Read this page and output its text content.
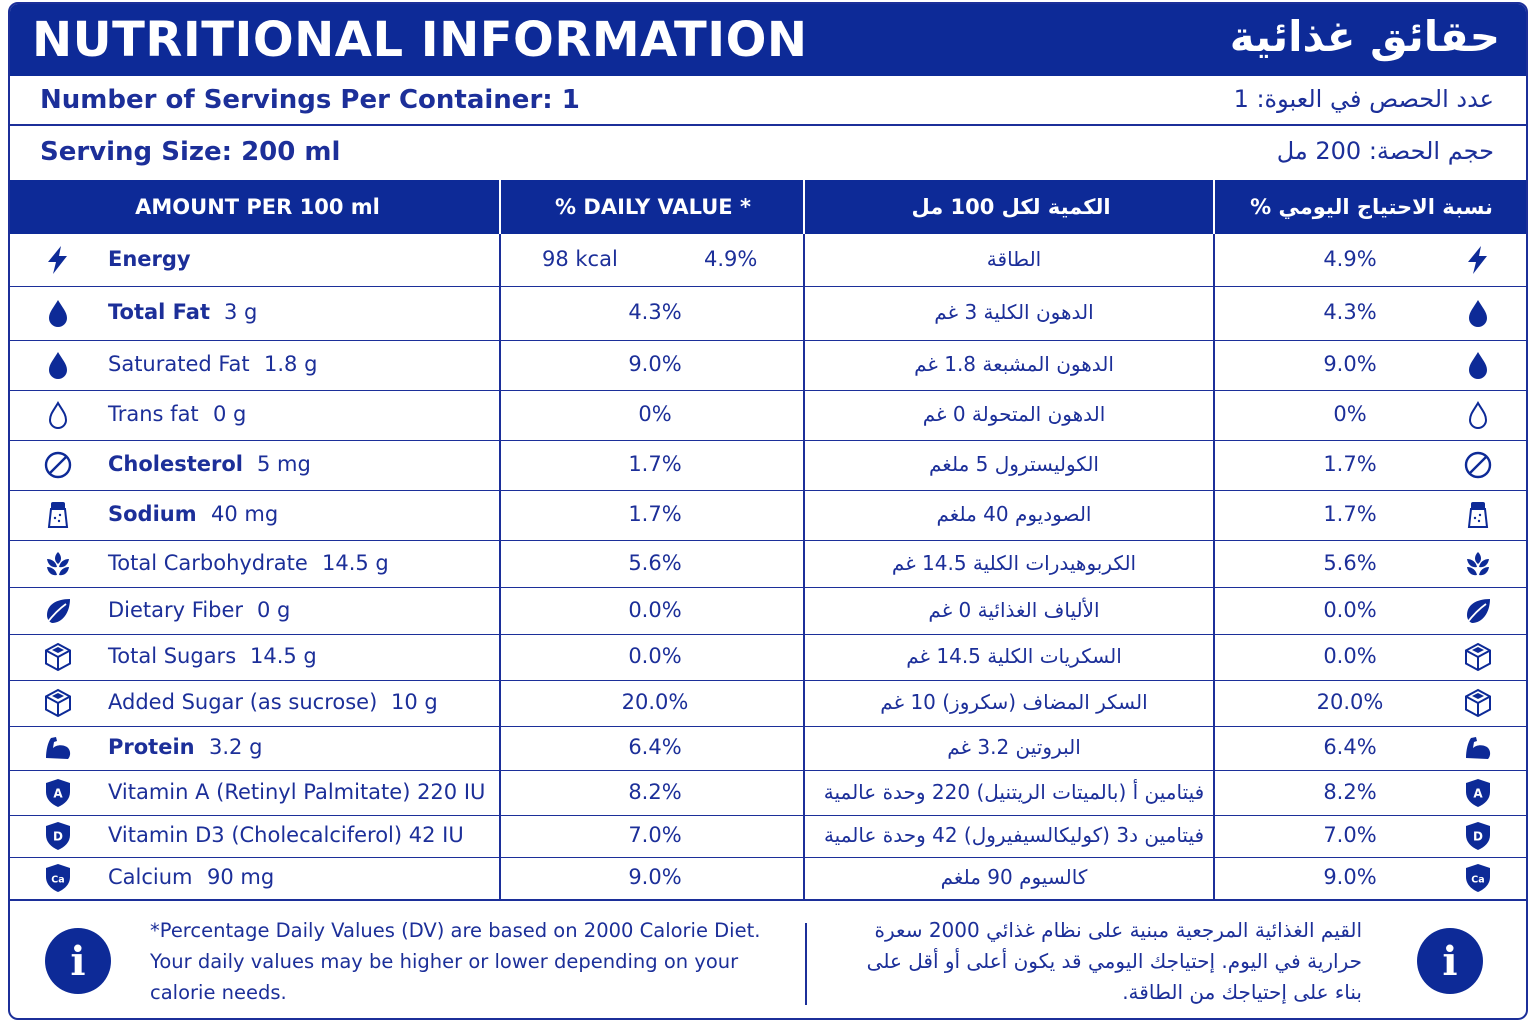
NUTRITIONAL INFORMATION	حقائق غذائية
Number of Servings Per Container: 1	عدد الحصص في العبوة: 1
Serving Size: 200 ml	حجم الحصة: 200 مل
AMOUNT PER 100 ml	% DAILY VALUE *	الكمية لكل 100 مل	نسبة الاحتياج اليومي %
Energy	98 kcal	4.9%	الطاقة	4.9%
Total Fat 3 g	4.3%	الدهون الكلية 3 غم	4.3%
Saturated Fat 1.8 g	9.0%	الدهون المشبعة 1.8 غم	9.0%
Trans fat 0 g	0%	الدهون المتحولة 0 غم	0%
Cholesterol 5 mg	1.7%	الكوليسترول 5 ملغم	1.7%
Sodium 40 mg	1.7%	الصوديوم 40 ملغم	1.7%
Total Carbohydrate 14.5 g	5.6%	الكربوهيدرات الكلية 14.5 غم	5.6%
Dietary Fiber 0 g	0.0%	الألياف الغذائية 0 غم	0.0%
Total Sugars 14.5 g	0.0%	السكريات الكلية 14.5 غم	0.0%
Added Sugar (as sucrose) 10 g	20.0%	السكر المضاف (سكروز) 10 غم	20.0%
Protein 3.2 g	6.4%	البروتين 3.2 غم	6.4%
A Vitamin A (Retinyl Palmitate) 220 IU	8.2%	فيتامين أ (بالميتات الريتنيل) 220 وحدة عالمية	8.2%	A
D Vitamin D3 (Cholecalciferol) 42 IU	7.0%	فيتامين د3 (كوليكالسيفيرول) 42 وحدة عالمية	7.0%	D
Ca Calcium 90 mg	9.0%	كالسيوم 90 ملغم	9.0%	Ca
i
*Percentage Daily Values (DV) are based on 2000 Calorie Diet. Your daily values may be higher or lower depending on your calorie needs.
القيم الغذائية المرجعية مبنية على نظام غذائي 2000 سعرة حرارية في اليوم. إحتياجك اليومي قد يكون أعلى أو أقل على بناء على إحتياجك من الطاقة.
i
